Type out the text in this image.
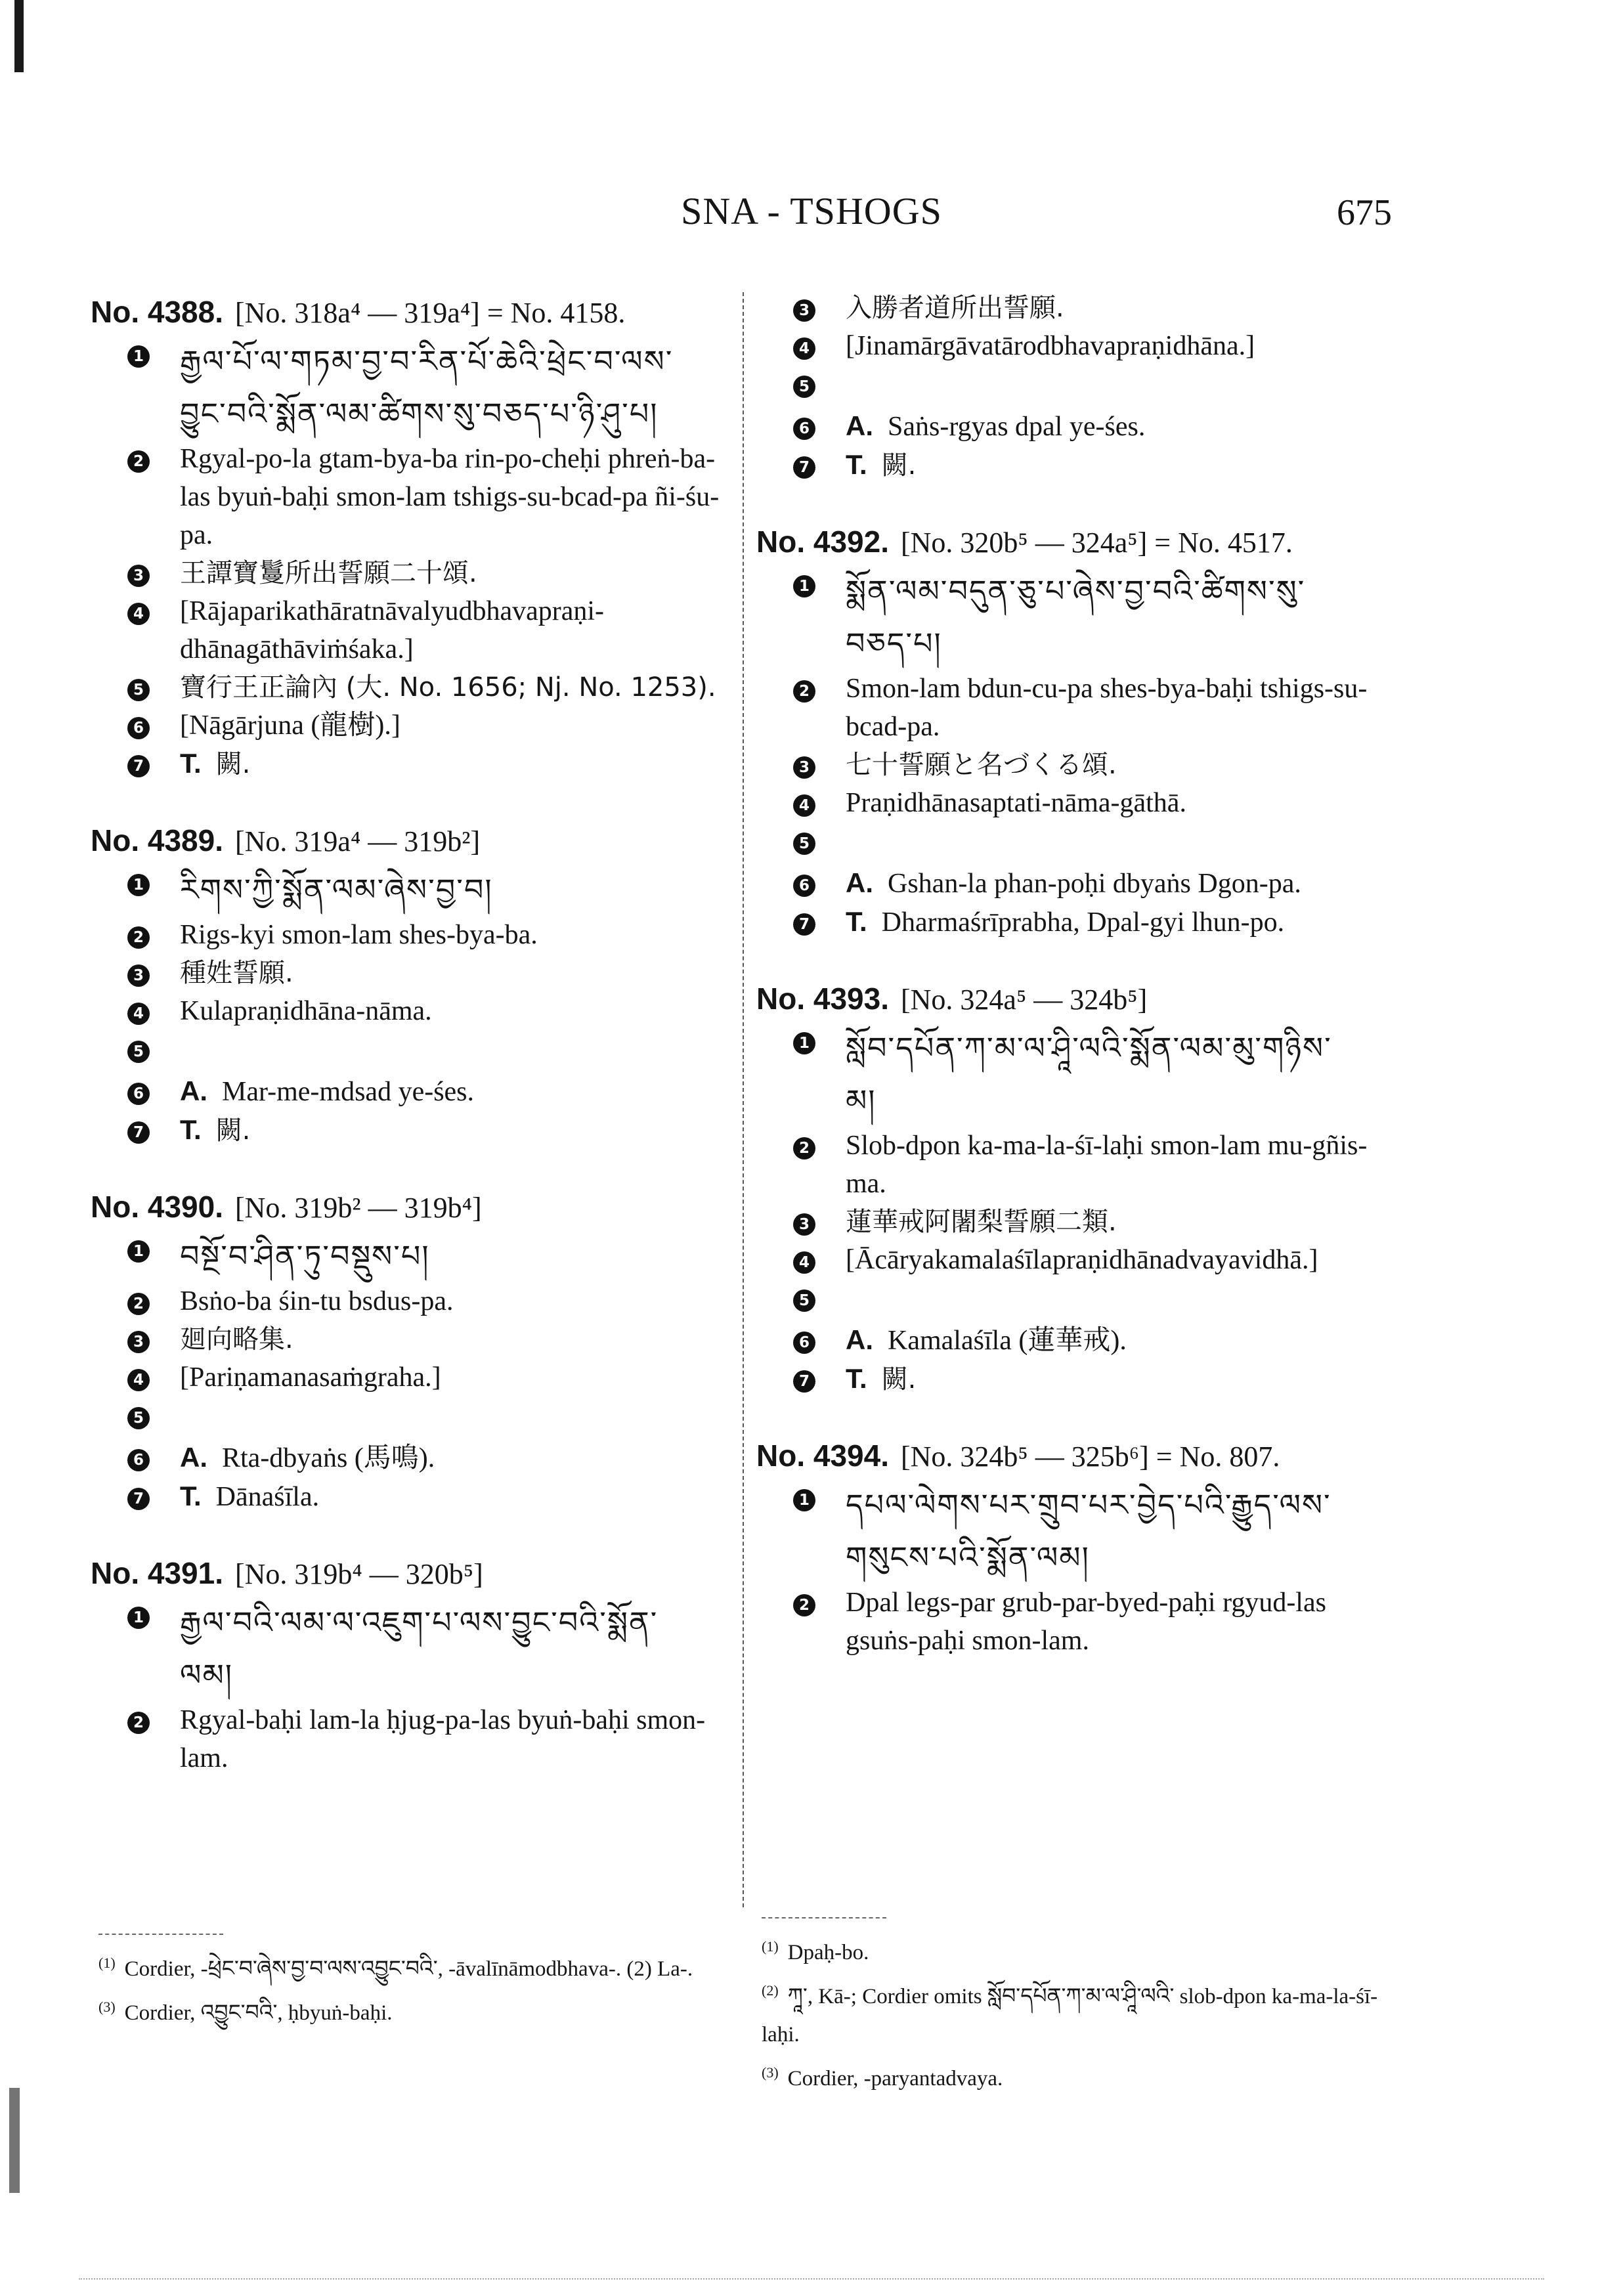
SNA - TSHOGS	675
No. 4388. [No. 318a⁴ — 319a⁴] = No. 4158.
1 རྒྱལ་པོ་ལ་གཏམ་བྱ་བ་རིན་པོ་ཆེའི་ཕྲེང་བ་ལས་
བྱུང་བའི་སྨོན་ལམ་ཚིགས་སུ་བཅད་པ་ཉི་ཤུ་པ།
2 Rgyal-po-la gtam-bya-ba rin-po-cheḥi phreṅ-ba-las byuṅ-baḥi smon-lam tshigs-su-bcad-pa ñi-śu-pa.
3 王譚寶鬘所出誓願二十頌.
4 [Rājaparikathāratnāvalyudbhavapraṇi-dhānagāthāviṁśaka.]
5 寶行王正論內 (大. No. 1656; Nj. No. 1253).
6 [Nāgārjuna (龍樹).]
7 T. 闕.
No. 4389. [No. 319a⁴ — 319b²]
1 རིགས་ཀྱི་སྨོན་ལམ་ཞེས་བྱ་བ།
2 Rigs-kyi smon-lam shes-bya-ba.
3 種姓誓願.
4 Kulapraṇidhāna-nāma.
5
6 A. Mar-me-mdsad ye-śes.
7 T. 闕.
No. 4390. [No. 319b² — 319b⁴]
1 བསྔོ་བ་ཤིན་ཏུ་བསྡུས་པ།
2 Bsṅo-ba śin-tu bsdus-pa.
3 廻向略集.
4 [Pariṇamanasaṁgraha.]
5
6 A. Rta-dbyaṅs (馬鳴).
7 T. Dānaśīla.
No. 4391. [No. 319b⁴ — 320b⁵]
1 རྒྱལ་བའི་ལམ་ལ་འཇུག་པ་ལས་བྱུང་བའི་སྨོན་
ལམ།
2 Rgyal-baḥi lam-la ḥjug-pa-las byuṅ-baḥi smon-lam.
3 入勝者道所出誓願.
4 [Jinamārgāvatārodbhavapraṇidhāna.]
5
6 A. Saṅs-rgyas dpal ye-śes.
7 T. 闕.
No. 4392. [No. 320b⁵ — 324a⁵] = No. 4517.
1 སྨོན་ལམ་བདུན་ཅུ་པ་ཞེས་བྱ་བའི་ཚིགས་སུ་
བཅད་པ།
2 Smon-lam bdun-cu-pa shes-bya-baḥi tshigs-su-bcad-pa.
3 七十誓願と名づくる頌.
4 Praṇidhānasaptati-nāma-gāthā.
5
6 A. Gshan-la phan-poḥi dbyaṅs Dgon-pa.
7 T. Dharmaśrīprabha, Dpal-gyi lhun-po.
No. 4393. [No. 324a⁵ — 324b⁵]
1 སློབ་དཔོན་ཀ་མ་ལ་ཤཱི་ལའི་སྨོན་ལམ་མུ་གཉིས་
མ།
2 Slob-dpon ka-ma-la-śī-laḥi smon-lam mu-gñis-ma.
3 蓮華戒阿闍梨誓願二類.
4 [Ācāryakamalaśīlapraṇidhānadvayavidhā.]
5
6 A. Kamalaśīla (蓮華戒).
7 T. 闕.
No. 4394. [No. 324b⁵ — 325b⁶] = No. 807.
1 དཔལ་ལེགས་པར་གྲུབ་པར་བྱེད་པའི་རྒྱུད་ལས་
གསུངས་པའི་སྨོན་ལམ།
2 Dpal legs-par grub-par-byed-paḥi rgyud-las gsuṅs-paḥi smon-lam.
$^{(1)}$ Cordier, -ཕྲེང་བ་ཞེས་བྱ་བ་ལས་འབྱུང་བའི་, -āvalīnāmodbhava-. (2) La-.
$^{(3)}$ Cordier, འབྱུང་བའི་, ḥbyuṅ-baḥi.
$^{(1)}$ Dpaḥ-bo.
$^{(2)}$ ཀཱ་, Kā-; Cordier omits སློབ་དཔོན་ཀ་མ་ལ་ཤཱི་ལའི་ slob-dpon ka-ma-la-śī-laḥi.
$^{(3)}$ Cordier, -paryantadvaya.
